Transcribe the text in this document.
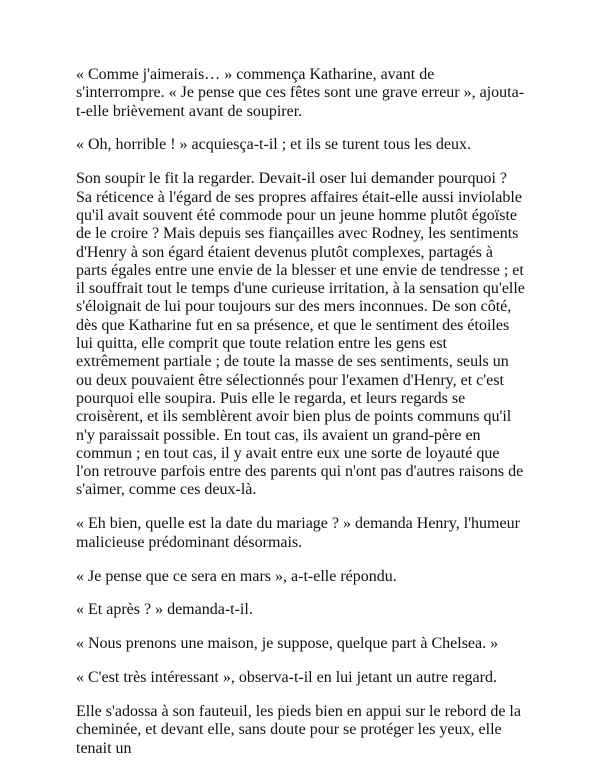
« Comme j'aimerais… » commença Katharine, avant de s'interrompre. « Je pense que ces fêtes sont une grave erreur », ajouta-t-elle brièvement avant de soupirer.

« Oh, horrible ! » acquiesça-t-il ; et ils se turent tous les deux.

Son soupir le fit la regarder. Devait-il oser lui demander pourquoi ? Sa réticence à l'égard de ses propres affaires était-elle aussi inviolable qu'il avait souvent été commode pour un jeune homme plutôt égoïste de le croire ? Mais depuis ses fiançailles avec Rodney, les sentiments d'Henry à son égard étaient devenus plutôt complexes, partagés à parts égales entre une envie de la blesser et une envie de tendresse ; et il souffrait tout le temps d'une curieuse irritation, à la sensation qu'elle s'éloignait de lui pour toujours sur des mers inconnues. De son côté, dès que Katharine fut en sa présence, et que le sentiment des étoiles lui quitta, elle comprit que toute relation entre les gens est extrêmement partiale ; de toute la masse de ses sentiments, seuls un ou deux pouvaient être sélectionnés pour l'examen d'Henry, et c'est pourquoi elle soupira. Puis elle le regarda, et leurs regards se croisèrent, et ils semblèrent avoir bien plus de points communs qu'il n'y paraissait possible. En tout cas, ils avaient un grand-père en commun ; en tout cas, il y avait entre eux une sorte de loyauté que l'on retrouve parfois entre des parents qui n'ont pas d'autres raisons de s'aimer, comme ces deux-là.

« Eh bien, quelle est la date du mariage ? » demanda Henry, l'humeur malicieuse prédominant désormais.

« Je pense que ce sera en mars », a-t-elle répondu.

« Et après ? » demanda-t-il.

« Nous prenons une maison, je suppose, quelque part à Chelsea. »

« C'est très intéressant », observa-t-il en lui jetant un autre regard.

Elle s'adossa à son fauteuil, les pieds bien en appui sur le rebord de la cheminée, et devant elle, sans doute pour se protéger les yeux, elle tenait un
